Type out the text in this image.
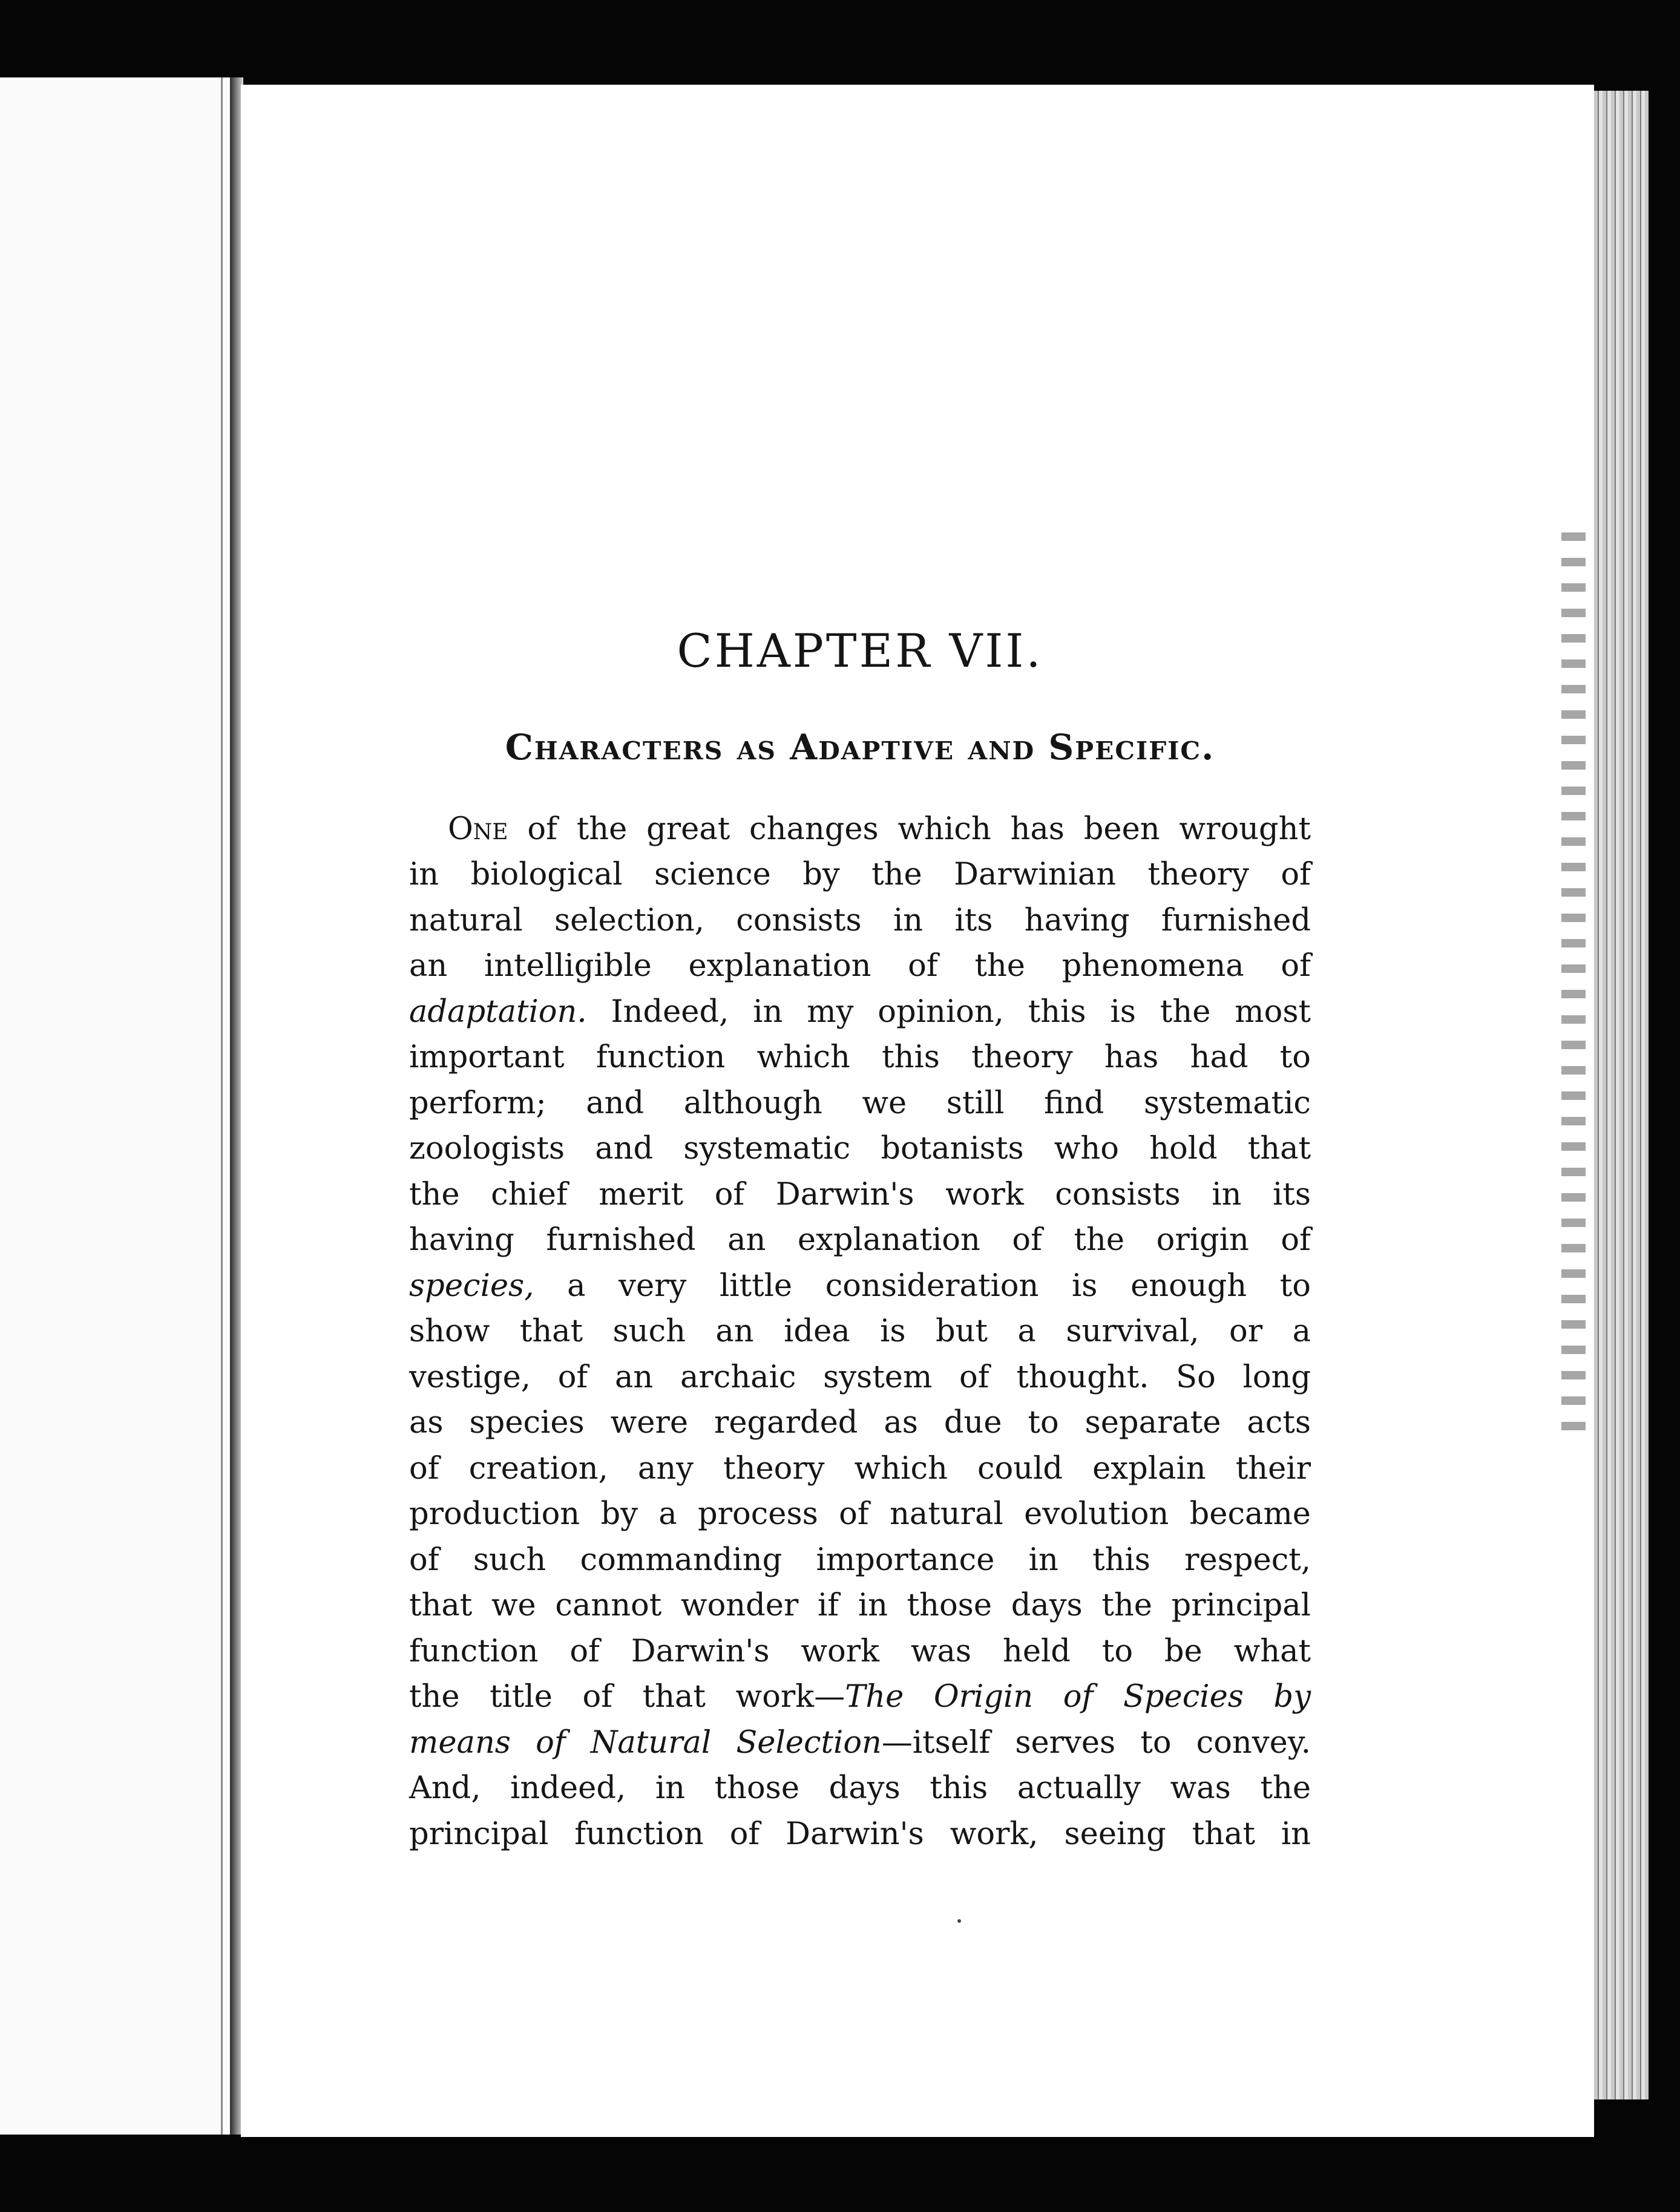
CHAPTER VII.
Characters as Adaptive and Specific.
One of the great changes which has been wrought
in biological science by the Darwinian theory of
natural selection, consists in its having furnished
an intelligible explanation of the phenomena of
adaptation. Indeed, in my opinion, this is the most
important function which this theory has had to
perform; and although we still find systematic
zoologists and systematic botanists who hold that
the chief merit of Darwin's work consists in its
having furnished an explanation of the origin of
species, a very little consideration is enough to
show that such an idea is but a survival, or a
vestige, of an archaic system of thought. So long
as species were regarded as due to separate acts
of creation, any theory which could explain their
production by a process of natural evolution became
of such commanding importance in this respect,
that we cannot wonder if in those days the principal
function of Darwin's work was held to be what
the title of that work—The Origin of Species by
means of Natural Selection—itself serves to convey.
And, indeed, in those days this actually was the
principal function of Darwin's work, seeing that in
